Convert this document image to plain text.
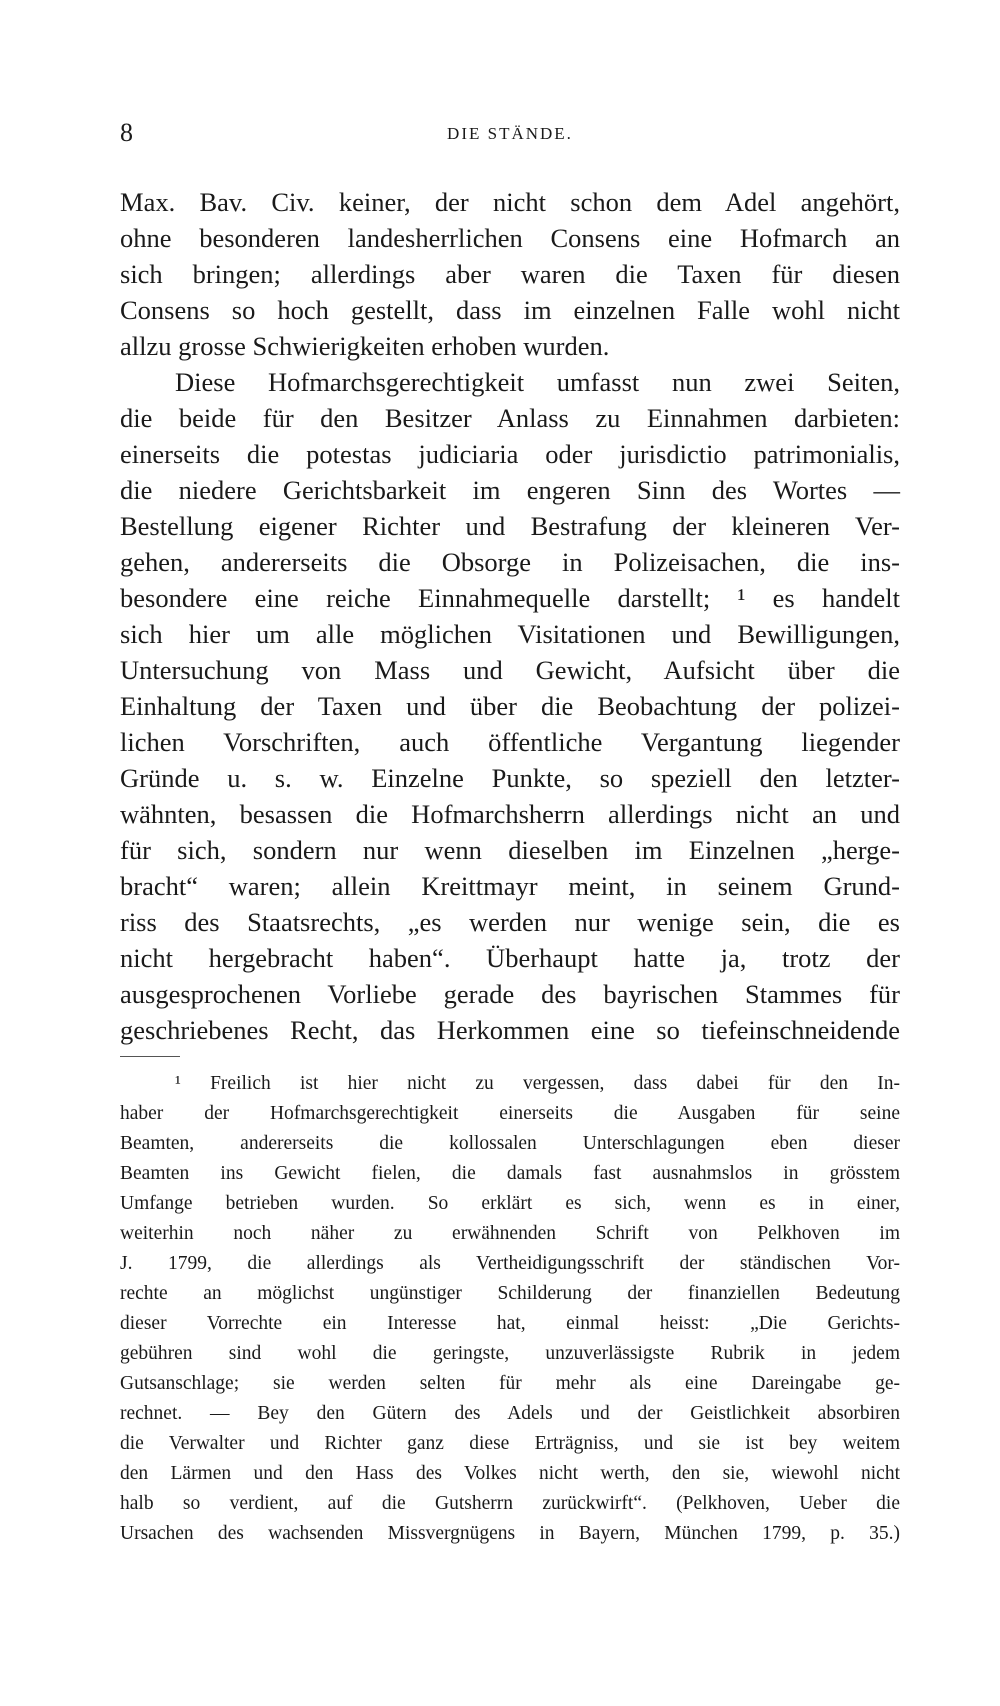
8	DIE STÄNDE.
Max. Bav. Civ. keiner, der nicht schon dem Adel angehört,
ohne besonderen landesherrlichen Consens eine Hofmarch an
sich bringen; allerdings aber waren die Taxen für diesen
Consens so hoch gestellt, dass im einzelnen Falle wohl nicht
allzu grosse Schwierigkeiten erhoben wurden.
Diese Hofmarchsgerechtigkeit umfasst nun zwei Seiten,
die beide für den Besitzer Anlass zu Einnahmen darbieten:
einerseits die potestas judiciaria oder jurisdictio patrimonialis,
die niedere Gerichtsbarkeit im engeren Sinn des Wortes —
Bestellung eigener Richter und Bestrafung der kleineren Ver-
gehen, andererseits die Obsorge in Polizeisachen, die ins-
besondere eine reiche Einnahmequelle darstellt; ¹ es handelt
sich hier um alle möglichen Visitationen und Bewilligungen,
Untersuchung von Mass und Gewicht, Aufsicht über die
Einhaltung der Taxen und über die Beobachtung der polizei-
lichen Vorschriften, auch öffentliche Vergantung liegender
Gründe u. s. w. Einzelne Punkte, so speziell den letzter-
wähnten, besassen die Hofmarchsherrn allerdings nicht an und
für sich, sondern nur wenn dieselben im Einzelnen „herge-
bracht“ waren; allein Kreittmayr meint, in seinem Grund-
riss des Staatsrechts, „es werden nur wenige sein, die es
nicht hergebracht haben“. Überhaupt hatte ja, trotz der
ausgesprochenen Vorliebe gerade des bayrischen Stammes für
geschriebenes Recht, das Herkommen eine so tiefeinschneidende
¹ Freilich ist hier nicht zu vergessen, dass dabei für den In-
haber der Hofmarchsgerechtigkeit einerseits die Ausgaben für seine
Beamten, andererseits die kollossalen Unterschlagungen eben dieser
Beamten ins Gewicht fielen, die damals fast ausnahmslos in grösstem
Umfange betrieben wurden. So erklärt es sich, wenn es in einer,
weiterhin noch näher zu erwähnenden Schrift von Pelkhoven im
J. 1799, die allerdings als Vertheidigungsschrift der ständischen Vor-
rechte an möglichst ungünstiger Schilderung der finanziellen Bedeutung
dieser Vorrechte ein Interesse hat, einmal heisst: „Die Gerichts-
gebühren sind wohl die geringste, unzuverlässigste Rubrik in jedem
Gutsanschlage; sie werden selten für mehr als eine Dareingabe ge-
rechnet. — Bey den Gütern des Adels und der Geistlichkeit absorbiren
die Verwalter und Richter ganz diese Erträgniss, und sie ist bey weitem
den Lärmen und den Hass des Volkes nicht werth, den sie, wiewohl nicht
halb so verdient, auf die Gutsherrn zurückwirft“. (Pelkhoven, Ueber die
Ursachen des wachsenden Missvergnügens in Bayern, München 1799, p. 35.)
